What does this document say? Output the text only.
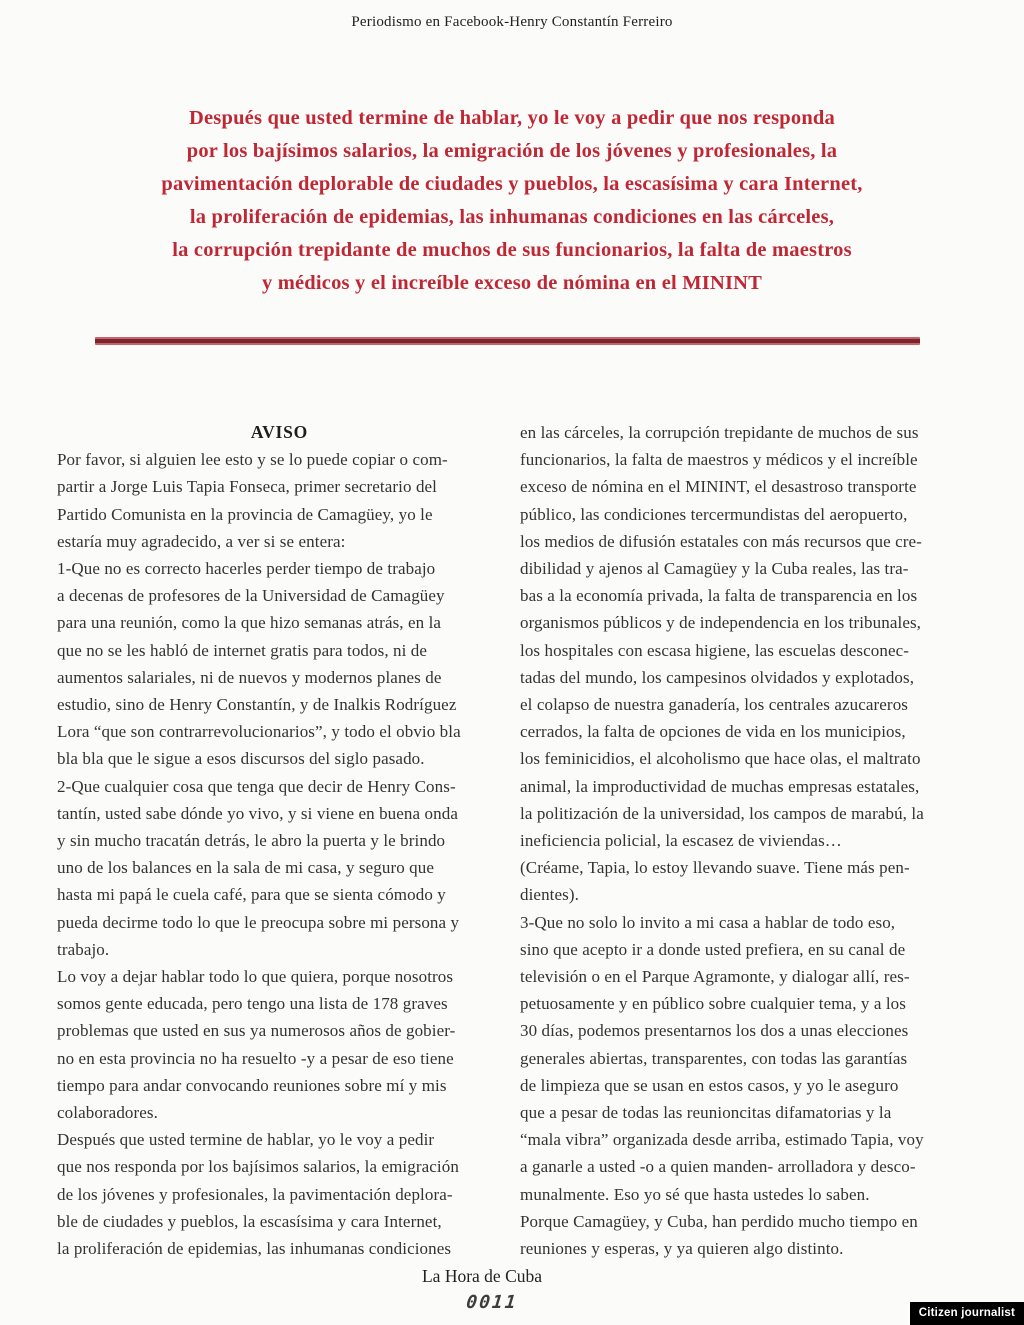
Periodismo en Facebook-Henry Constantín Ferreiro
Después que usted termine de hablar, yo le voy a pedir que nos responda
por los bajísimos salarios, la emigración de los jóvenes y profesionales, la
pavimentación deplorable de ciudades y pueblos, la escasísima y cara Internet,
la proliferación de epidemias, las inhumanas condiciones en las cárceles,
la corrupción trepidante de muchos de sus funcionarios, la falta de maestros
y médicos y el increíble exceso de nómina en el MININT
AVISO
Por favor, si alguien lee esto y se lo puede copiar o com-
partir a Jorge Luis Tapia Fonseca, primer secretario del
Partido Comunista en la provincia de Camagüey, yo le
estaría muy agradecido, a ver si se entera:
1-Que no es correcto hacerles perder tiempo de trabajo
a decenas de profesores de la Universidad de Camagüey
para una reunión, como la que hizo semanas atrás, en la
que no se les habló de internet gratis para todos, ni de
aumentos salariales, ni de nuevos y modernos planes de
estudio, sino de Henry Constantín, y de Inalkis Rodríguez
Lora “que son contrarrevolucionarios”, y todo el obvio bla
bla bla que le sigue a esos discursos del siglo pasado.
2-Que cualquier cosa que tenga que decir de Henry Cons-
tantín, usted sabe dónde yo vivo, y si viene en buena onda
y sin mucho tracatán detrás, le abro la puerta y le brindo
uno de los balances en la sala de mi casa, y seguro que
hasta mi papá le cuela café, para que se sienta cómodo y
pueda decirme todo lo que le preocupa sobre mi persona y
trabajo.
Lo voy a dejar hablar todo lo que quiera, porque nosotros
somos gente educada, pero tengo una lista de 178 graves
problemas que usted en sus ya numerosos años de gobier-
no en esta provincia no ha resuelto -y a pesar de eso tiene
tiempo para andar convocando reuniones sobre mí y mis
colaboradores.
Después que usted termine de hablar, yo le voy a pedir
que nos responda por los bajísimos salarios, la emigración
de los jóvenes y profesionales, la pavimentación deplora-
ble de ciudades y pueblos, la escasísima y cara Internet,
la proliferación de epidemias, las inhumanas condiciones
en las cárceles, la corrupción trepidante de muchos de sus
funcionarios, la falta de maestros y médicos y el increíble
exceso de nómina en el MININT, el desastroso transporte
público, las condiciones tercermundistas del aeropuerto,
los medios de difusión estatales con más recursos que cre-
dibilidad y ajenos al Camagüey y la Cuba reales, las tra-
bas a la economía privada, la falta de transparencia en los
organismos públicos y de independencia en los tribunales,
los hospitales con escasa higiene, las escuelas desconec-
tadas del mundo, los campesinos olvidados y explotados,
el colapso de nuestra ganadería, los centrales azucareros
cerrados, la falta de opciones de vida en los municipios,
los feminicidios, el alcoholismo que hace olas, el maltrato
animal, la improductividad de muchas empresas estatales,
la politización de la universidad, los campos de marabú, la
ineficiencia policial, la escasez de viviendas…
(Créame, Tapia, lo estoy llevando suave. Tiene más pen-
dientes).
3-Que no solo lo invito a mi casa a hablar de todo eso,
sino que acepto ir a donde usted prefiera, en su canal de
televisión o en el Parque Agramonte, y dialogar allí, res-
petuosamente y en público sobre cualquier tema, y a los
30 días, podemos presentarnos los dos a unas elecciones
generales abiertas, transparentes, con todas las garantías
de limpieza que se usan en estos casos, y yo le aseguro
que a pesar de todas las reunioncitas difamatorias y la
“mala vibra” organizada desde arriba, estimado Tapia, voy
a ganarle a usted -o a quien manden- arrolladora y desco-
munalmente. Eso yo sé que hasta ustedes lo saben.
Porque Camagüey, y Cuba, han perdido mucho tiempo en
reuniones y esperas, y ya quieren algo distinto.
La Hora de Cuba
0011	Citizen journalist
